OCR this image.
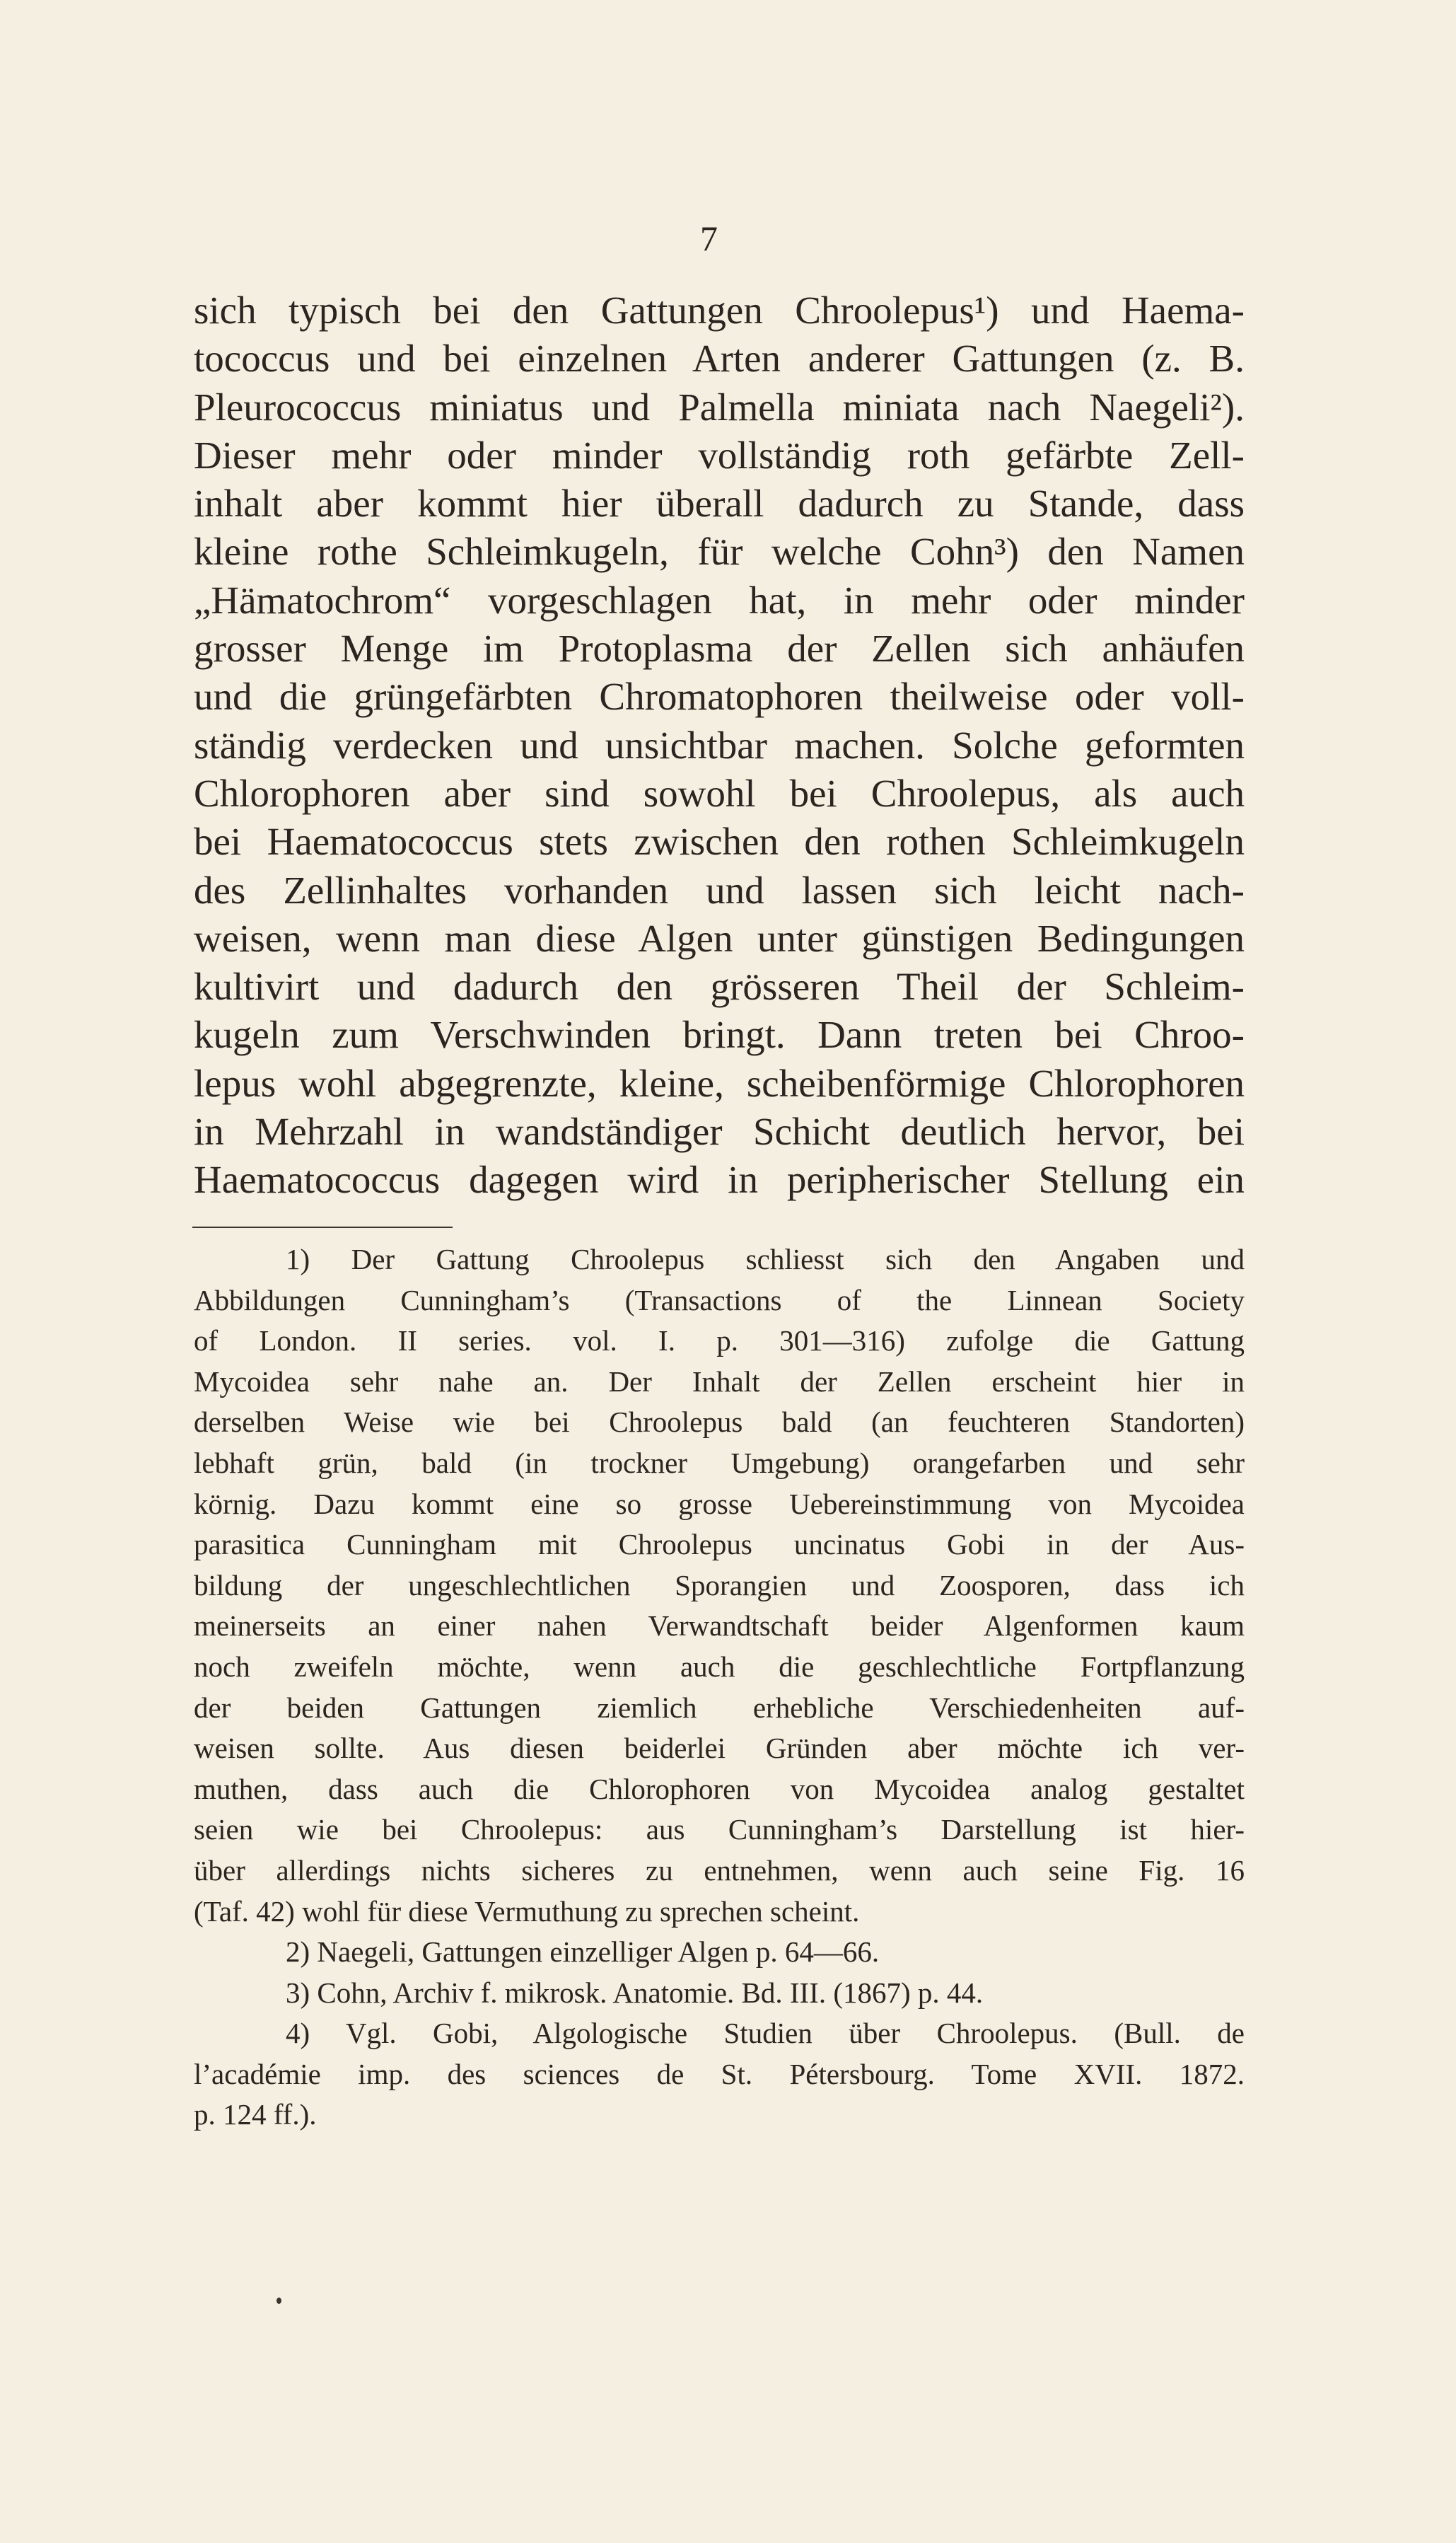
7
sich typisch bei den Gattungen Chroolepus¹) und Haema-
tococcus und bei einzelnen Arten anderer Gattungen (z. B.
Pleurococcus miniatus und Palmella miniata nach Naegeli²).
Dieser mehr oder minder vollständig roth gefärbte Zell-
inhalt aber kommt hier überall dadurch zu Stande, dass
kleine rothe Schleimkugeln, für welche Cohn³) den Namen
„Hämatochrom“ vorgeschlagen hat, in mehr oder minder
grosser Menge im Protoplasma der Zellen sich anhäufen
und die grüngefärbten Chromatophoren theilweise oder voll-
ständig verdecken und unsichtbar machen. Solche geformten
Chlorophoren aber sind sowohl bei Chroolepus, als auch
bei Haematococcus stets zwischen den rothen Schleimkugeln
des Zellinhaltes vorhanden und lassen sich leicht nach-
weisen, wenn man diese Algen unter günstigen Bedingungen
kultivirt und dadurch den grösseren Theil der Schleim-
kugeln zum Verschwinden bringt. Dann treten bei Chroo-
lepus wohl abgegrenzte, kleine, scheibenförmige Chlorophoren
in Mehrzahl in wandständiger Schicht deutlich hervor, bei
Haematococcus dagegen wird in peripherischer Stellung ein
1) Der Gattung Chroolepus schliesst sich den Angaben und
Abbildungen Cunningham’s (Transactions of the Linnean Society
of London. II series. vol. I. p. 301—316) zufolge die Gattung
Mycoidea sehr nahe an. Der Inhalt der Zellen erscheint hier in
derselben Weise wie bei Chroolepus bald (an feuchteren Standorten)
lebhaft grün, bald (in trockner Umgebung) orangefarben und sehr
körnig. Dazu kommt eine so grosse Uebereinstimmung von Mycoidea
parasitica Cunningham mit Chroolepus uncinatus Gobi in der Aus-
bildung der ungeschlechtlichen Sporangien und Zoosporen, dass ich
meinerseits an einer nahen Verwandtschaft beider Algenformen kaum
noch zweifeln möchte, wenn auch die geschlechtliche Fortpflanzung
der beiden Gattungen ziemlich erhebliche Verschiedenheiten auf-
weisen sollte. Aus diesen beiderlei Gründen aber möchte ich ver-
muthen, dass auch die Chlorophoren von Mycoidea analog gestaltet
seien wie bei Chroolepus: aus Cunningham’s Darstellung ist hier-
über allerdings nichts sicheres zu entnehmen, wenn auch seine Fig. 16
(Taf. 42) wohl für diese Vermuthung zu sprechen scheint.
2) Naegeli, Gattungen einzelliger Algen p. 64—66.
3) Cohn, Archiv f. mikrosk. Anatomie. Bd. III. (1867) p. 44.
4) Vgl. Gobi, Algologische Studien über Chroolepus. (Bull. de
l’académie imp. des sciences de St. Pétersbourg. Tome XVII. 1872.
p. 124 ff.).
